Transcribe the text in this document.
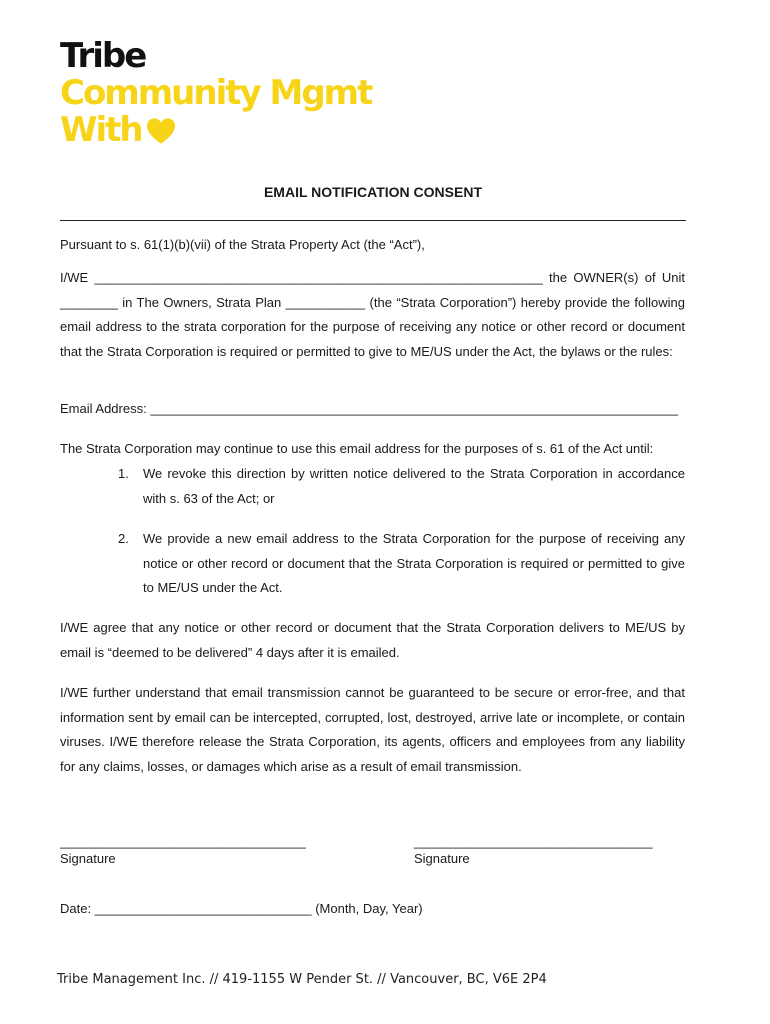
Tribe
Community Mgmt
With
EMAIL NOTIFICATION CONSENT

Pursuant to s. 61(1)(b)(vii) of the Strata Property Act (the “Act”),

I/WE ______________________________________________________________ the OWNER(s) of Unit ________ in The Owners, Strata Plan ___________ (the “Strata Corporation”) hereby provide the following email address to the strata corporation for the purpose of receiving any notice or other record or document that the Strata Corporation is required or permitted to give to ME/US under the Act, the bylaws or the rules:

Email Address: _________________________________________________________________________

The Strata Corporation may continue to use this email address for the purposes of s. 61 of the Act until:

1. We revoke this direction by written notice delivered to the Strata Corporation in accordance with s. 63 of the Act; or
2. We provide a new email address to the Strata Corporation for the purpose of receiving any notice or other record or document that the Strata Corporation is required or permitted to give to ME/US under the Act.

I/WE agree that any notice or other record or document that the Strata Corporation delivers to ME/US by email is “deemed to be delivered” 4 days after it is emailed.

I/WE further understand that email transmission cannot be guaranteed to be secure or error-free, and that information sent by email can be intercepted, corrupted, lost, destroyed, arrive late or incomplete, or contain viruses. I/WE therefore release the Strata Corporation, its agents, officers and employees from any liability for any claims, losses, or damages which arise as a result of email transmission.

__________________________________
Signature
_________________________________
Signature
Date: ______________________________ (Month, Day, Year)
Tribe Management Inc. // 419-1155 W Pender St. // Vancouver, BC, V6E 2P4
